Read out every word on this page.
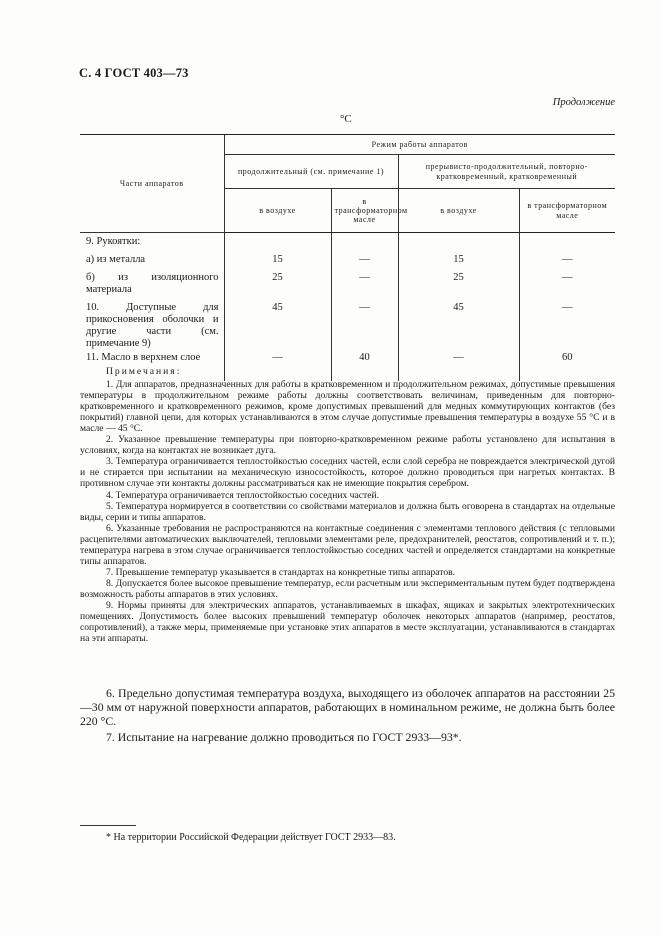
С. 4 ГОСТ 403—73
Продолжение
°С
Части аппаратов	Режим работы аппаратов			
	продолжительный (см. примечание 1)		прерывисто-продолжительный, повторно-кратковременный, кратковременный	
	в воздухе	в трансформаторном масле	в воздухе	в трансформаторном масле
9. Рукоятки:				
а) из металла	15	—	15	—
б) из изоляционного материала	25	—	25	—
10. Доступные для прикосновения оболочки и другие части (см. примечание 9)	45	—	45	—
11. Масло в верхнем слое	—	40	—	60
Примечания:

1. Для аппаратов, предназначенных для работы в кратковременном и продолжительном режимах, допустимые превышения температуры в продолжительном режиме работы должны соответствовать величинам, приведенным для повторно-кратковременного и кратковременного режимов, кроме допустимых превышений для медных коммутирующих контактов (без покрытий) главной цепи, для которых устанавливаются в этом случае допустимые превышения температуры в воздухе 55 °С и в масле — 45 °С.

2. Указанное превышение температуры при повторно-кратковременном режиме работы установлено для испытания в условиях, когда на контактах не возникает дуга.

3. Температура ограничивается теплостойкостью соседних частей, если слой серебра не повреждается электрической дугой и не стирается при испытании на механическую износостойкость, которое должно проводиться при нагретых контактах. В противном случае эти контакты должны рассматриваться как не имеющие покрытия серебром.

4. Температура ограничивается теплостойкостью соседних частей.

5. Температура нормируется в соответствии со свойствами материалов и должна быть оговорена в стандартах на отдельные виды, серии и типы аппаратов.

6. Указанные требования не распространяются на контактные соединения с элементами теплового действия (с тепловыми расцепителями автоматических выключателей, тепловыми элементами реле, предохранителей, реостатов, сопротивлений и т. п.); температура нагрева в этом случае ограничивается теплостойкостью соседних частей и определяется стандартами на конкретные типы аппаратов.

7. Превышение температур указывается в стандартах на конкретные типы аппаратов.

8. Допускается более высокое превышение температур, если расчетным или экспериментальным путем будет подтверждена возможность работы аппаратов в этих условиях.

9. Нормы приняты для электрических аппаратов, устанавливаемых в шкафах, ящиках и закрытых электротехнических помещениях. Допустимость более высоких превышений температур оболочек некоторых аппаратов (например, реостатов, сопротивлений), а также меры, применяемые при установке этих аппаратов в месте эксплуатации, устанавливаются в стандартах на эти аппараты.

6. Предельно допустимая температура воздуха, выходящего из оболочек аппаратов на расстоянии 25—30 мм от наружной поверхности аппаратов, работающих в номинальном режиме, не должна быть более 220 °С.

7. Испытание на нагревание должно проводиться по ГОСТ 2933—93*.

* На территории Российской Федерации действует ГОСТ 2933—83.
